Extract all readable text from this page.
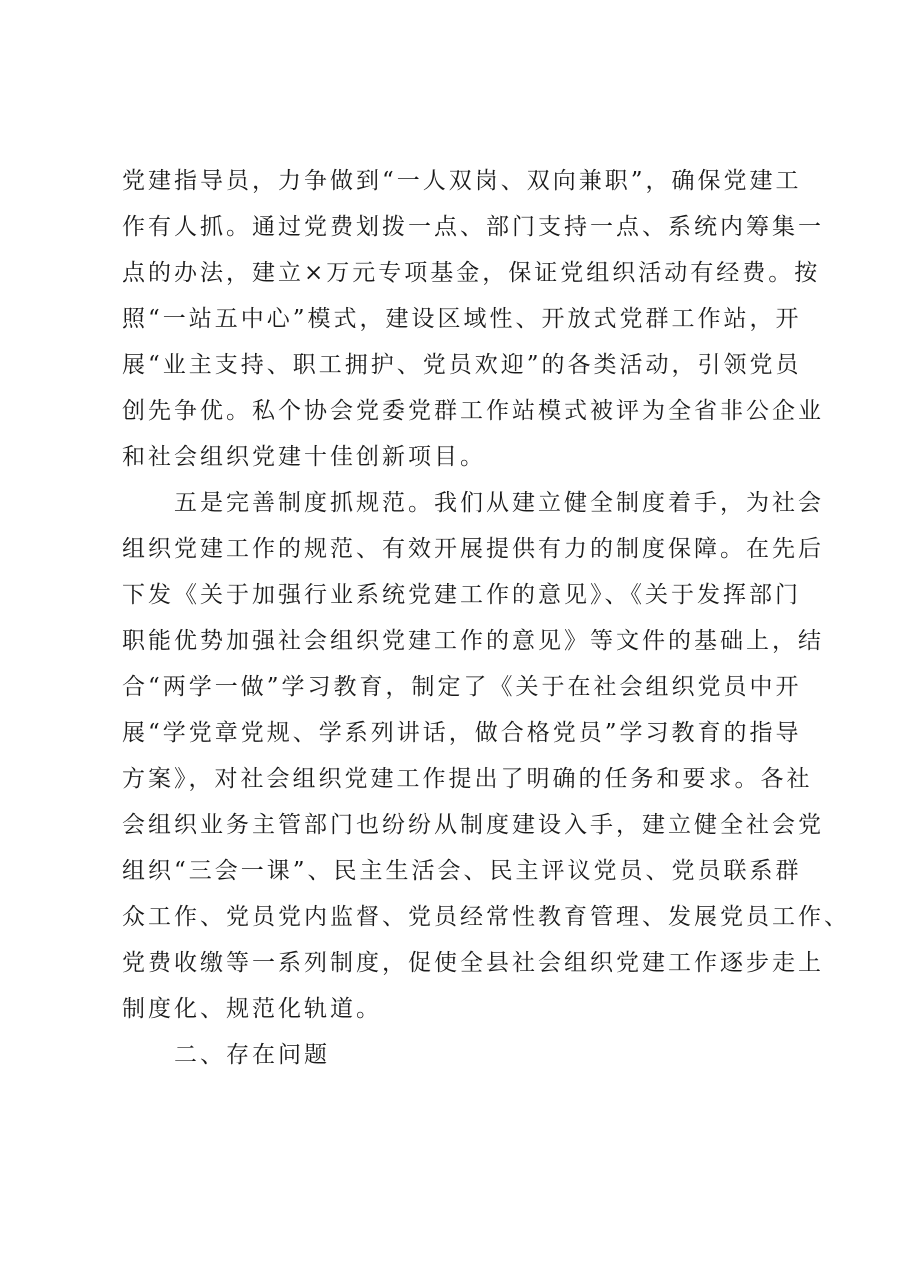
党建指导员，力争做到“一人双岗、双向兼职”，确保党建工
作有人抓。通过党费划拨一点、部门支持一点、系统内筹集一
点的办法，建立×万元专项基金，保证党组织活动有经费。按
照“一站五中心”模式，建设区域性、开放式党群工作站，开
展“业主支持、职工拥护、党员欢迎”的各类活动，引领党员
创先争优。私个协会党委党群工作站模式被评为全省非公企业
和社会组织党建十佳创新项目。
五是完善制度抓规范。我们从建立健全制度着手，为社会
组织党建工作的规范、有效开展提供有力的制度保障。在先后
下发《关于加强行业系统党建工作的意见》、《关于发挥部门
职能优势加强社会组织党建工作的意见》等文件的基础上，结
合“两学一做”学习教育，制定了《关于在社会组织党员中开
展“学党章党规、学系列讲话，做合格党员”学习教育的指导
方案》，对社会组织党建工作提出了明确的任务和要求。各社
会组织业务主管部门也纷纷从制度建设入手，建立健全社会党
组织“三会一课”、民主生活会、民主评议党员、党员联系群
众工作、党员党内监督、党员经常性教育管理、发展党员工作、
党费收缴等一系列制度，促使全县社会组织党建工作逐步走上
制度化、规范化轨道。
二、存在问题
